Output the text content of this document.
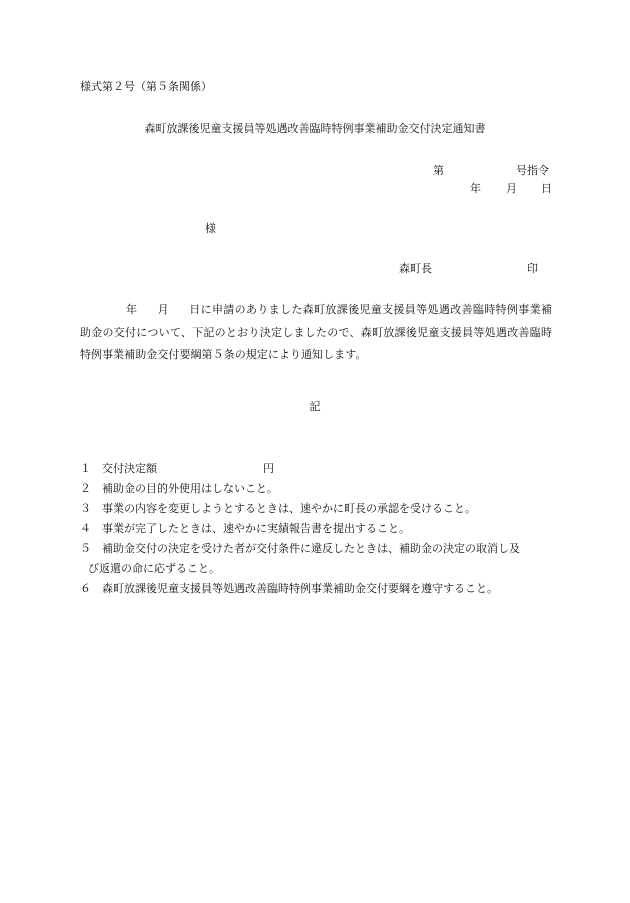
様式第２号（第５条関係）
森町放課後児童支援員等処遇改善臨時特例事業補助金交付決定通知書
第	号指令
年 月 日
様
森町長	印
年 月 日に申請のありました森町放課後児童支援員等処遇改善臨時特例事業補助金の交付について、下記のとおり決定しましたので、森町放課後児童支援員等処遇改善臨時特例事業補助金交付要綱第５条の規定により通知します。
記
１ 交付決定額	円
２ 補助金の目的外使用はしないこと。
３ 事業の内容を変更しようとするときは、速やかに町長の承認を受けること。
４ 事業が完了したときは、速やかに実績報告書を提出すること。
５ 補助金交付の決定を受けた者が交付条件に違反したときは、補助金の決定の取消し及
び返還の命に応ずること。
６ 森町放課後児童支援員等処遇改善臨時特例事業補助金交付要綱を遵守すること。
